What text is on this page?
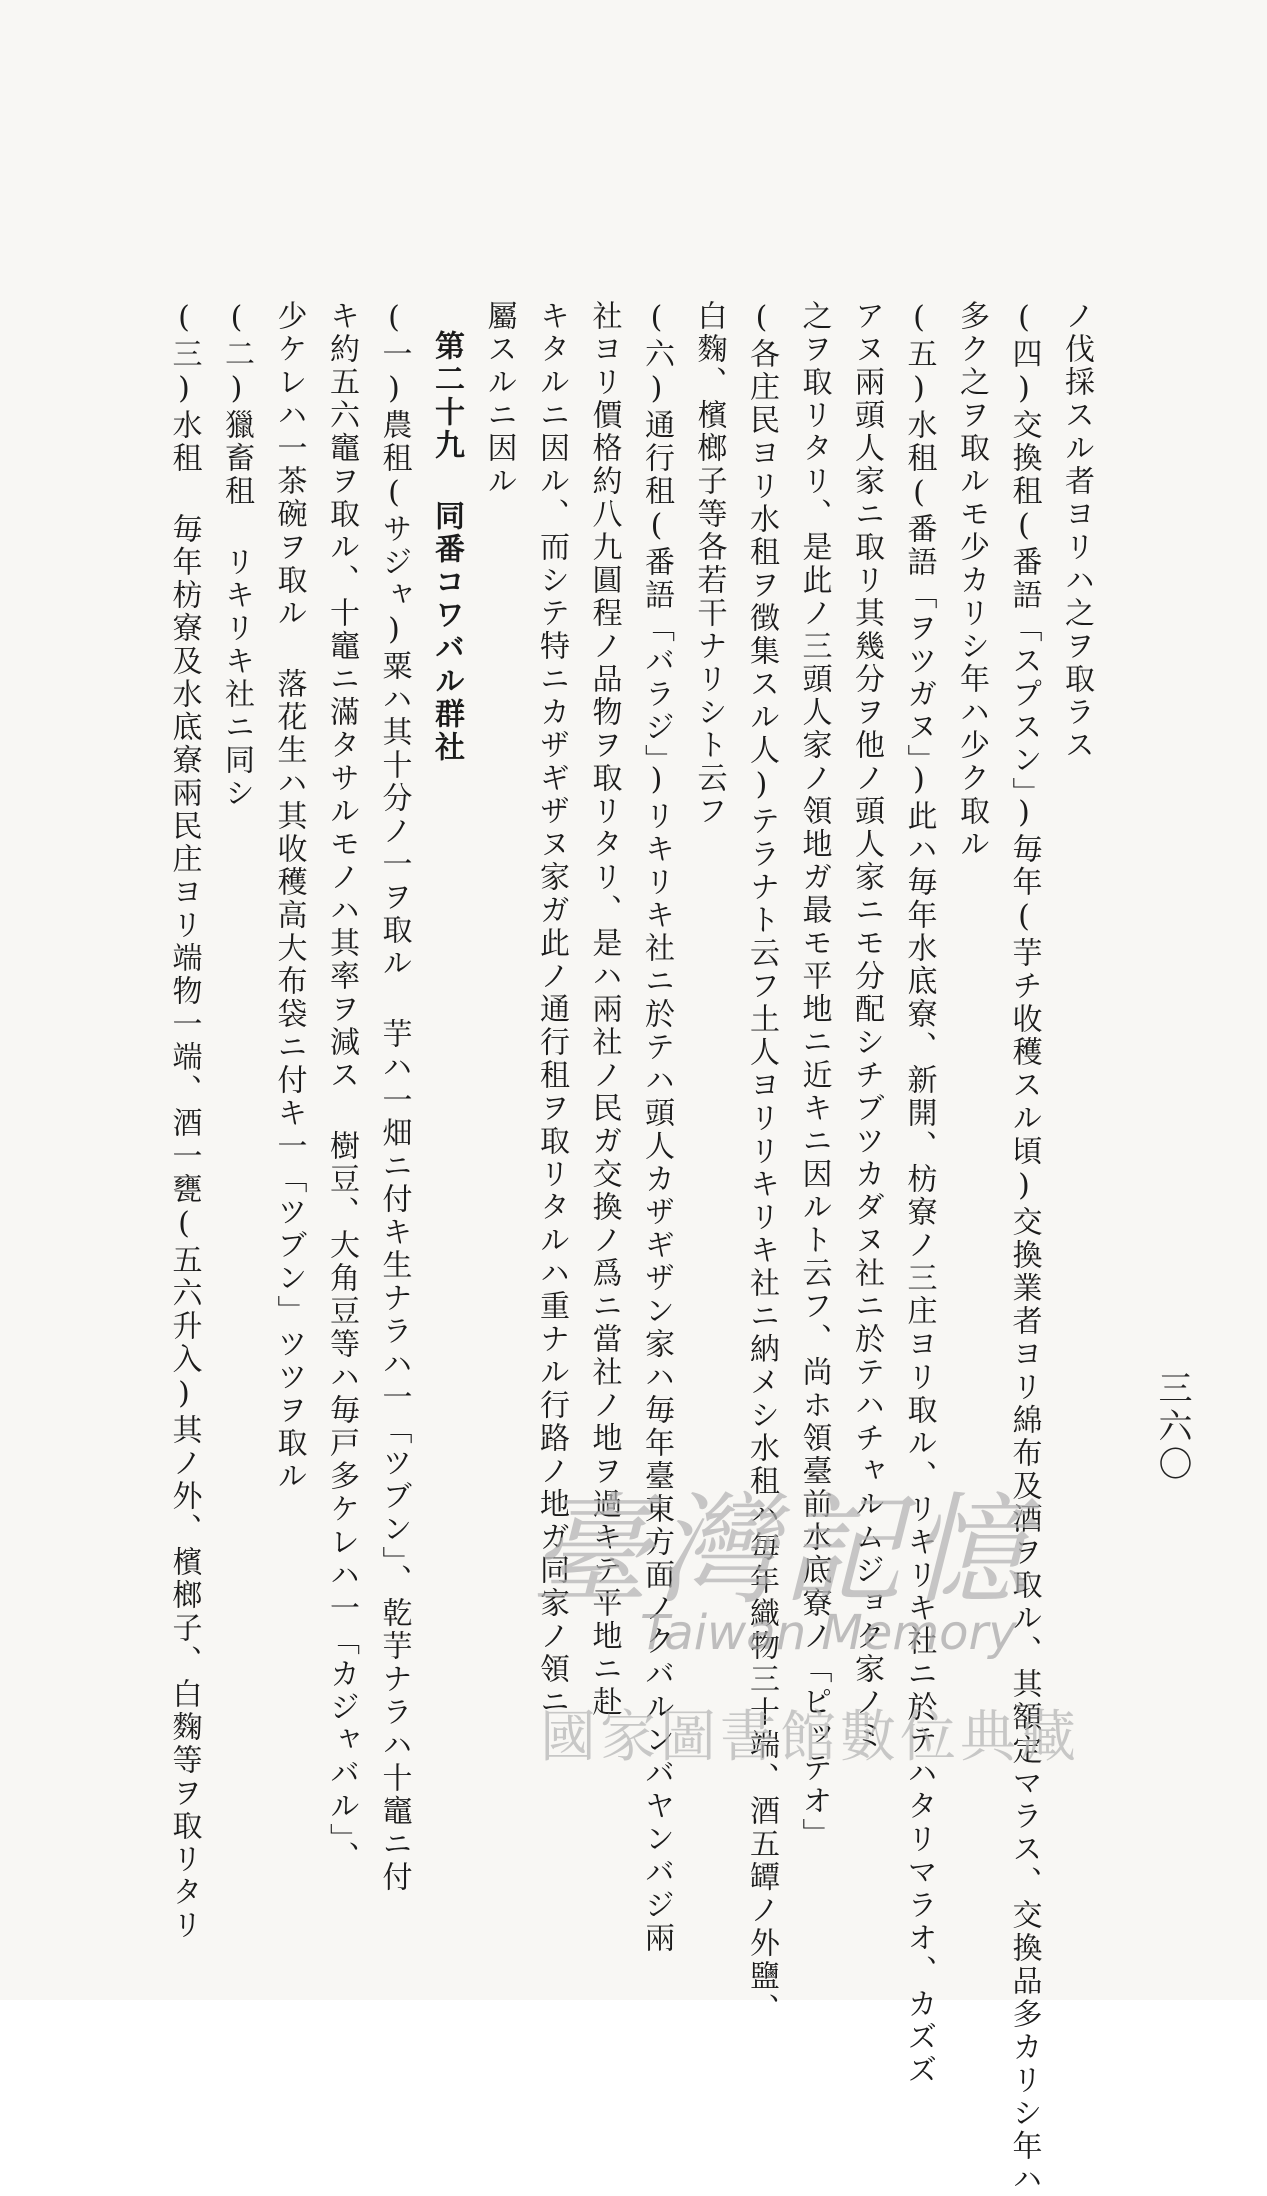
三六〇
ノ伐採スル者ヨリハ之ヲ取ラス
(四)交換租(番語「スプスン」)毎年(芋チ收穫スル頃)交換業者ヨリ綿布及酒ヲ取ル、其額定マラス、交換品多カリシ年ハ
多ク之ヲ取ルモ少カリシ年ハ少ク取ル
(五)水租(番語「ヲツガヌ」)此ハ毎年水底寮、新開、枋寮ノ三庄ヨリ取ル、リキリキ社ニ於テハタリマラオ、カズズ
アヌ兩頭人家ニ取リ其幾分ヲ他ノ頭人家ニモ分配シチブツカダヌ社ニ於テハチャルムジョク家ノミ
之ヲ取リタリ、是此ノ三頭人家ノ領地ガ最モ平地ニ近キニ因ルト云フ、尚ホ領臺前水底寮ノ「ピッテオ」
(各庄民ヨリ水租ヲ徴集スル人)テラナト云フ土人ヨリリキリキ社ニ納メシ水租ハ毎年織物三十端、酒五罈ノ外鹽、
白麴、檳榔子等各若干ナリシト云フ
(六)通行租(番語「バラジ」)リキリキ社ニ於テハ頭人カザギザン家ハ毎年臺東方面ノクバルンバヤンバジ兩
社ヨリ價格約八九圓程ノ品物ヲ取リタリ、是ハ兩社ノ民ガ交換ノ爲ニ當社ノ地ヲ過キテ平地ニ赴
キタルニ因ル、而シテ特ニカザギザヌ家ガ此ノ通行租ヲ取リタルハ重ナル行路ノ地ガ同家ノ領ニ
屬スルニ因ル
第二十九 同番コワバル群社
(一)農租(サジャ)粟ハ其十分ノ一ヲ取ル 芋ハ一畑ニ付キ生ナラハ一「ツブン」、乾芋ナラハ十竈ニ付
キ約五六竈ヲ取ル、十竈ニ滿タサルモノハ其率ヲ減ス 樹豆、大角豆等ハ毎戸多ケレハ一「カジャバル」、
少ケレハ一茶碗ヲ取ル 落花生ハ其收穫高大布袋ニ付キ一「ツブン」ツツヲ取ル
(二)獵畜租 リキリキ社ニ同シ
(三)水租 毎年枋寮及水底寮兩民庄ヨリ端物一端、酒一甕(五六升入)其ノ外、檳榔子、白麴等ヲ取リタリ	臺灣記憶
Taiwan Memory
國家圖書館數位典藏
